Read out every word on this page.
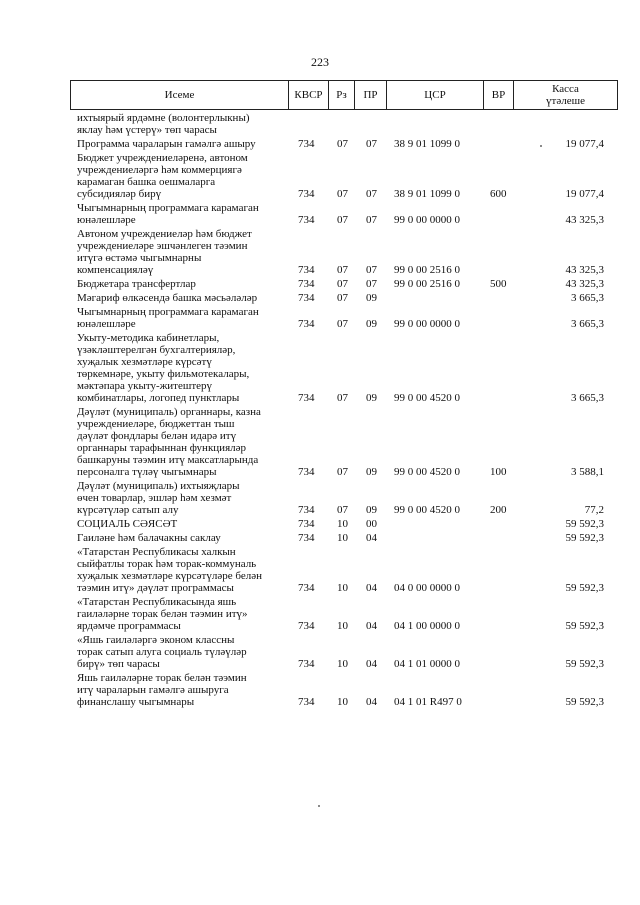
223
Исеме	КВСР	Рз	ПР	ЦСР	ВР	Касса
үтәлеше
ихтыярый ярдәмне (волонтерлыкны)
яклау һәм үстерү» төп чарасы
Программа чараларын гамәлгә ашыру	734 07 07 38 9 01 1099 0	19 077,4
Бюджет учреждениеләренә, автоном
учреждениеләргә һәм коммерциягә
карамаган башка оешмаларга
субсидияләр бирү	734 07 07 38 9 01 1099 0	600	19 077,4
Чыгымнарның программага карамаган
юнәлешләре	734 07 07 99 0 00 0000 0	43 325,3
Автоном учреждениеләр һәм бюджет
учреждениеләре эшчәнлеген тәэмин
итүгә өстәмә чыгымнарны
компенсацияләү	734 07 07 99 0 00 2516 0	43 325,3
Бюджетара трансфертлар	734 07 07 99 0 00 2516 0	500	43 325,3
Мәгариф өлкәсендә башка мәсьәләләр	734 07 09	3 665,3
Чыгымнарның программага карамаган
юнәлешләре	734 07 09 99 0 00 0000 0	3 665,3
Укыту-методика кабинетлары,
үзәкләштерелгән бухгалтерияләр,
хуҗалык хезмәтләре күрсәтү
төркемнәре, укыту фильмотекалары,
мәктәпара укыту-житештерү
комбинатлары, логопед пунктлары	734 07 09 99 0 00 4520 0	3 665,3
Дәүләт (муниципаль) органнары, казна
учреждениеләре, бюджеттан тыш
дәүләт фондлары белән идарә итү
органнары тарафыннан функцияләр
башкаруны тәэмин итү максатларында
персоналга түләү чыгымнары	734 07 09 99 0 00 4520 0	100	3 588,1
Дәүләт (муниципаль) ихтыяҗлары
өчен товарлар, эшләр һәм хезмәт
күрсәтүләр сатып алу	734 07 09 99 0 00 4520 0	200	77,2
СОЦИАЛЬ СӘЯСӘТ	734 10 00	59 592,3
Гаиләне һәм балачакны саклау	734 10 04	59 592,3
«Татарстан Республикасы халкын
сыйфатлы торак һәм торак-коммуналь
хуҗалык хезмәтләре күрсәтүләре белән
тәэмин итү» дәүләт программасы	734 10 04 04 0 00 0000 0	59 592,3
«Татарстан Республикасында яшь
гаиләләрне торак белән тәэмин итү»
ярдәмче программасы	734 10 04 04 1 00 0000 0	59 592,3
«Яшь гаиләләргә эконом классны
торак сатып алуга социаль түләүләр
бирү» төп чарасы	734 10 04 04 1 01 0000 0	59 592,3
Яшь гаиләләрне торак белән тәэмин
итү чараларын гамәлгә ашыруга
финанслашу чыгымнары	734 10 04 04 1 01 R497 0	59 592,3
